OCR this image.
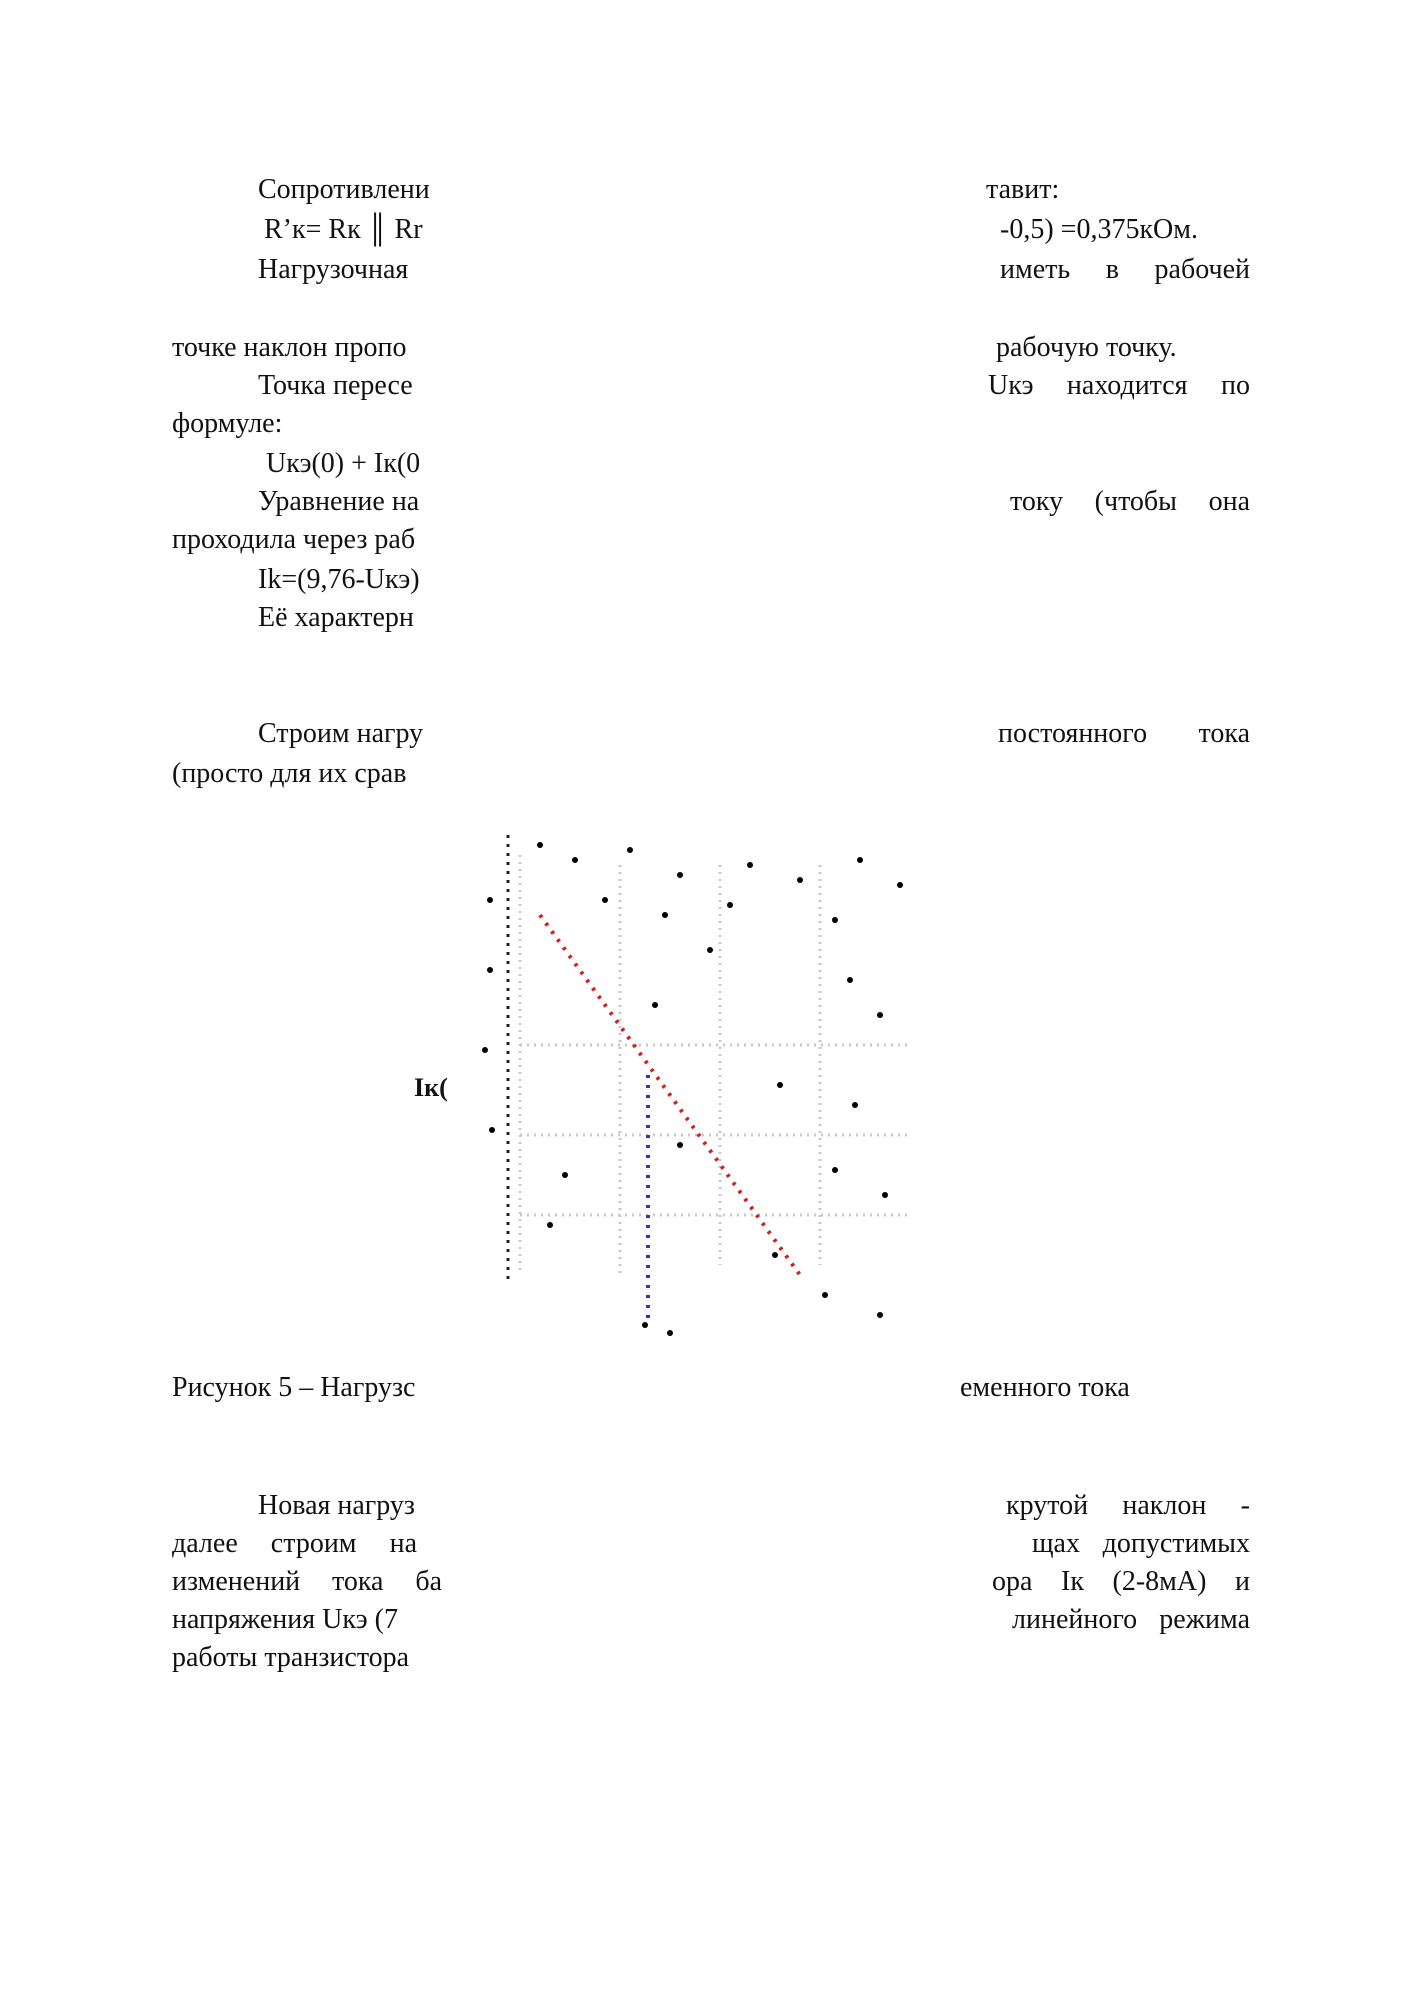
Сопротивлени	тавит:
R’к= Rк ║ Rr	-0,5) =0,375кОм.
Нагрузочная	иметь в рабочей
точке наклон пропо	рабочую точку.
Точка пересе	Uкэ находится по
формуле:
Uкэ(0) + Iк(0
Уравнение на	току (чтобы она
проходила через раб
Ik=(9,76-Uкэ)
Её характерн
Строим нагру	постоянного тока
(просто для их срав
Iк(
Рисунок 5 – Нагрузс	еменного тока
Новая нагруз	крутой наклон -
далее строим на	щах допустимых
изменений тока ба	ора Iк (2-8мА) и
напряжения Uкэ (7	линейного режима
работы транзистора
